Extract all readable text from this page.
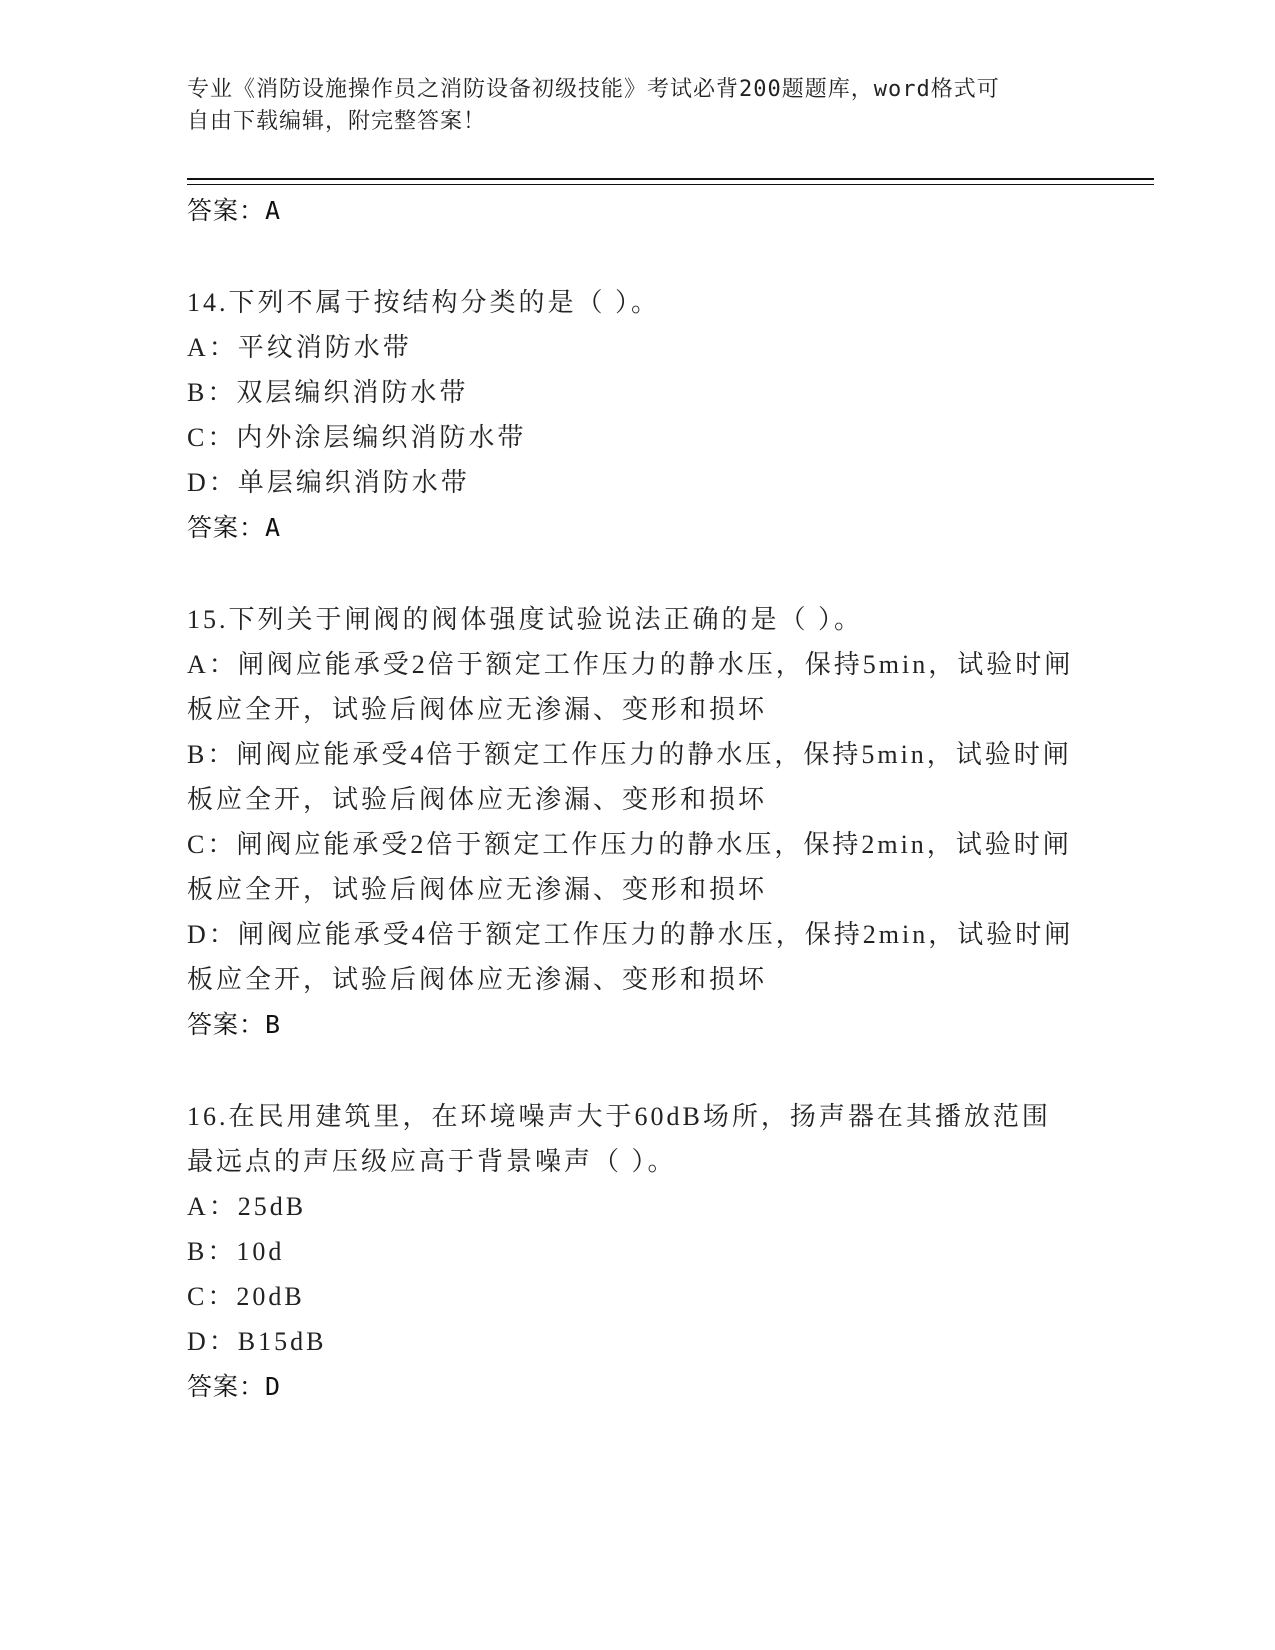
专业《消防设施操作员之消防设备初级技能》考试必背200题题库，word格式可
自由下载编辑，附完整答案！
答案：A
14.下列不属于按结构分类的是（ ）。
A：平纹消防水带
B：双层编织消防水带
C：内外涂层编织消防水带
D：单层编织消防水带
答案：A
15.下列关于闸阀的阀体强度试验说法正确的是（ ）。
A：闸阀应能承受2倍于额定工作压力的静水压，保持5min，试验时闸
板应全开，试验后阀体应无渗漏、变形和损坏
B：闸阀应能承受4倍于额定工作压力的静水压，保持5min，试验时闸
板应全开，试验后阀体应无渗漏、变形和损坏
C：闸阀应能承受2倍于额定工作压力的静水压，保持2min，试验时闸
板应全开，试验后阀体应无渗漏、变形和损坏
D：闸阀应能承受4倍于额定工作压力的静水压，保持2min，试验时闸
板应全开，试验后阀体应无渗漏、变形和损坏
答案：B
16.在民用建筑里，在环境噪声大于60dB场所，扬声器在其播放范围
最远点的声压级应高于背景噪声（ ）。
A：25dB
B：10d
C：20dB
D：B15dB
答案：D
